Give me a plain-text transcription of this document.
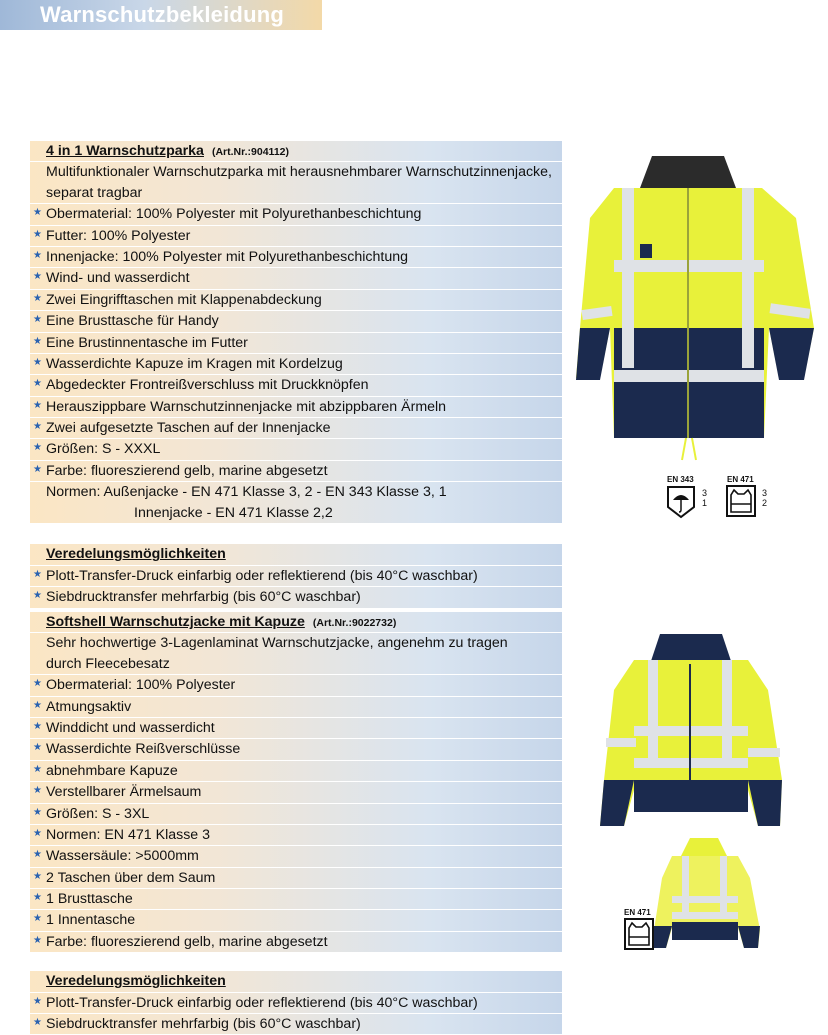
Warnschutzbekleidung
4 in 1 Warnschutzparka (Art.Nr.:904112)
Multifunktionaler Warnschutzparka mit herausnehmbarer Warnschutzinnenjacke,
separat tragbar
★ Obermaterial: 100% Polyester mit Polyurethanbeschichtung
★ Futter: 100% Polyester
★ Innenjacke: 100% Polyester mit Polyurethanbeschichtung
★ Wind- und wasserdicht
★ Zwei Eingrifftaschen mit Klappenabdeckung
★ Eine Brusttasche für Handy
★ Eine Brustinnentasche im Futter
★ Wasserdichte Kapuze im Kragen mit Kordelzug
★ Abgedeckter Frontreißverschluss mit Druckknöpfen
★ Herauszippbare Warnschutzinnenjacke mit abzippbaren Ärmeln
★ Zwei aufgesetzte Taschen auf der Innenjacke
★ Größen: S - XXXL
★ Farbe: fluoreszierend gelb, marine abgesetzt
Normen: Außenjacke - EN 471 Klasse 3, 2 - EN 343 Klasse 3, 1
Innenjacke - EN 471 Klasse 2,2
Veredelungsmöglichkeiten
★ Plott-Transfer-Druck einfarbig oder reflektierend (bis 40°C waschbar)
★ Siebdrucktransfer mehrfarbig (bis 60°C waschbar)
Softshell Warnschutzjacke mit Kapuze (Art.Nr.:9022732)
Sehr hochwertige 3-Lagenlaminat Warnschutzjacke, angenehm zu tragen
durch Fleecebesatz
★ Obermaterial: 100% Polyester
★ Atmungsaktiv
★ Winddicht und wasserdicht
★ Wasserdichte Reißverschlüsse
★ abnehmbare Kapuze
★ Verstellbarer Ärmelsaum
★ Größen: S - 3XL
★ Normen: EN 471 Klasse 3
★ Wassersäule: >5000mm
★ 2 Taschen über dem Saum
★ 1 Brusttasche
★ 1 Innentasche
★ Farbe: fluoreszierend gelb, marine abgesetzt
Veredelungsmöglichkeiten
★ Plott-Transfer-Druck einfarbig oder reflektierend (bis 40°C waschbar)
★ Siebdrucktransfer mehrfarbig (bis 60°C waschbar)
EN 343
3
1
EN 471
3
2
EN 471
